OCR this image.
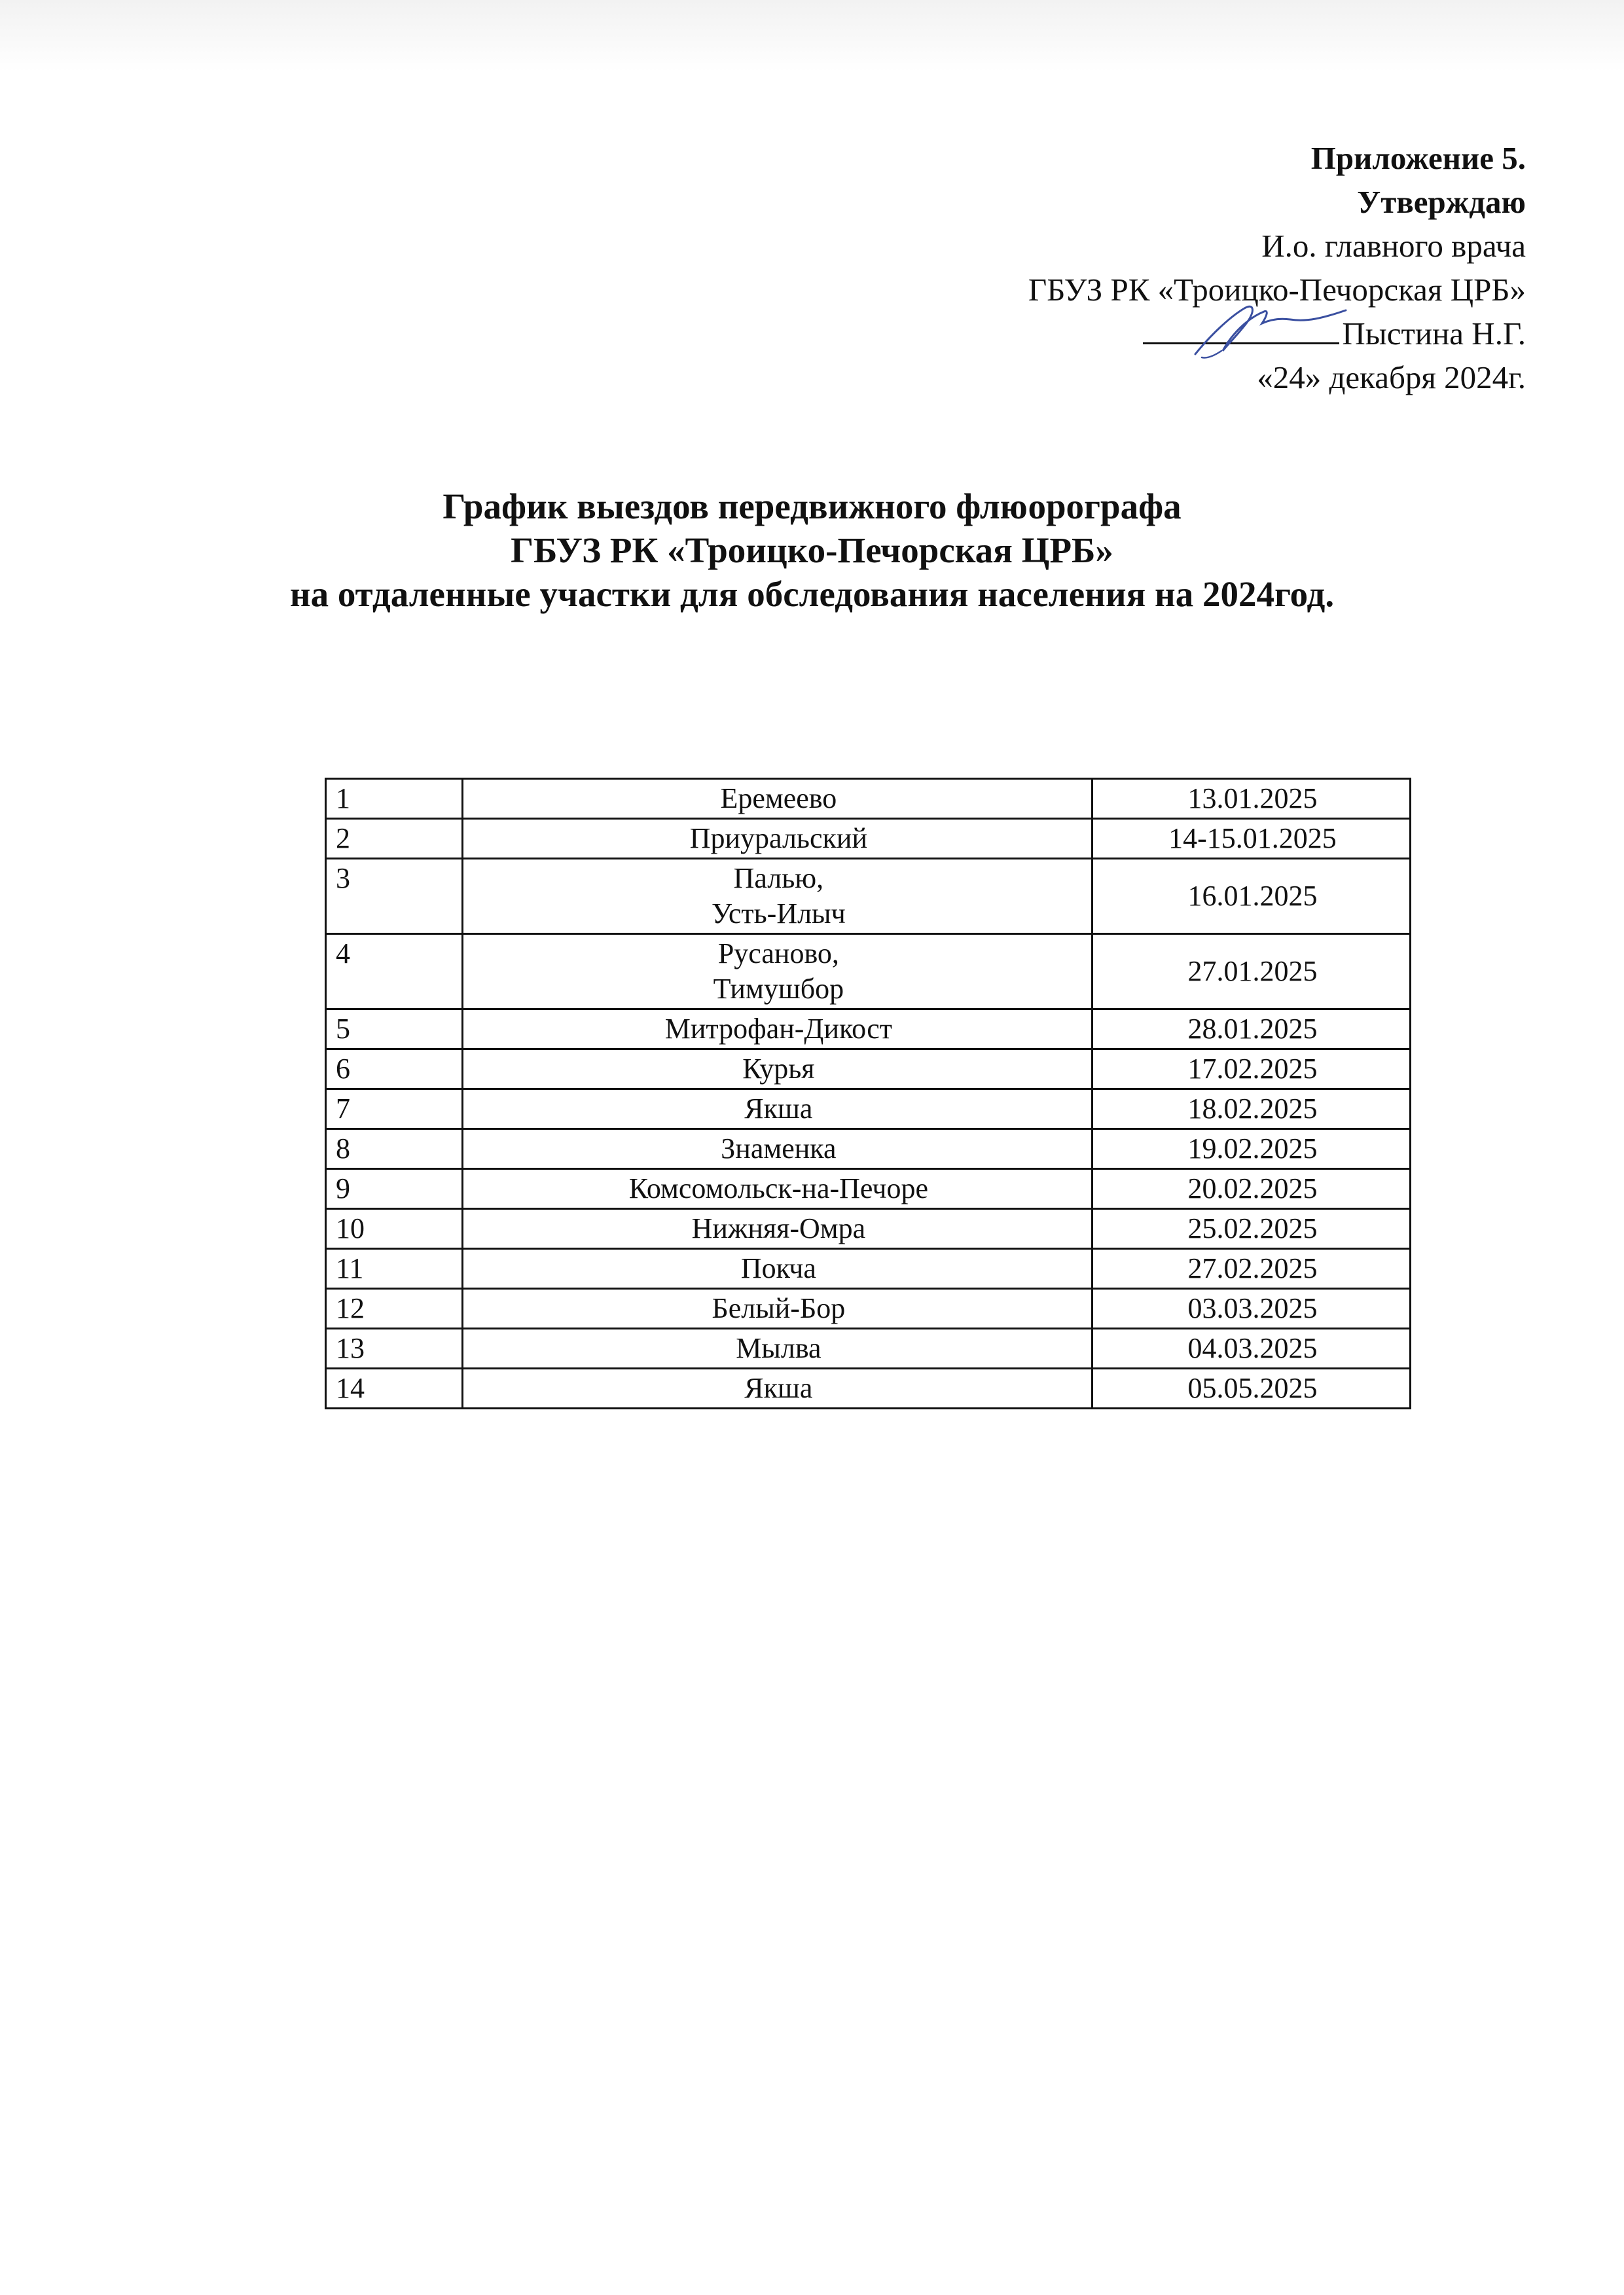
Приложение 5.
Утверждаю
И.о. главного врача
ГБУЗ РК «Троицко-Печорская ЦРБ»
Пыстина Н.Г.
«24» декабря 2024г.
График выездов передвижного флюорографа
ГБУЗ РК «Троицко-Печорская ЦРБ»
на отдаленные участки для обследования населения на 2024год.
1	Еремеево	13.01.2025
2	Приуральский	14-15.01.2025
3	Палью,
Усть-Илыч	16.01.2025
4	Русаново,
Тимушбор	27.01.2025
5	Митрофан-Дикост	28.01.2025
6	Курья	17.02.2025
7	Якша	18.02.2025
8	Знаменка	19.02.2025
9	Комсомольск-на-Печоре	20.02.2025
10	Нижняя-Омра	25.02.2025
11	Покча	27.02.2025
12	Белый-Бор	03.03.2025
13	Мылва	04.03.2025
14	Якша	05.05.2025
